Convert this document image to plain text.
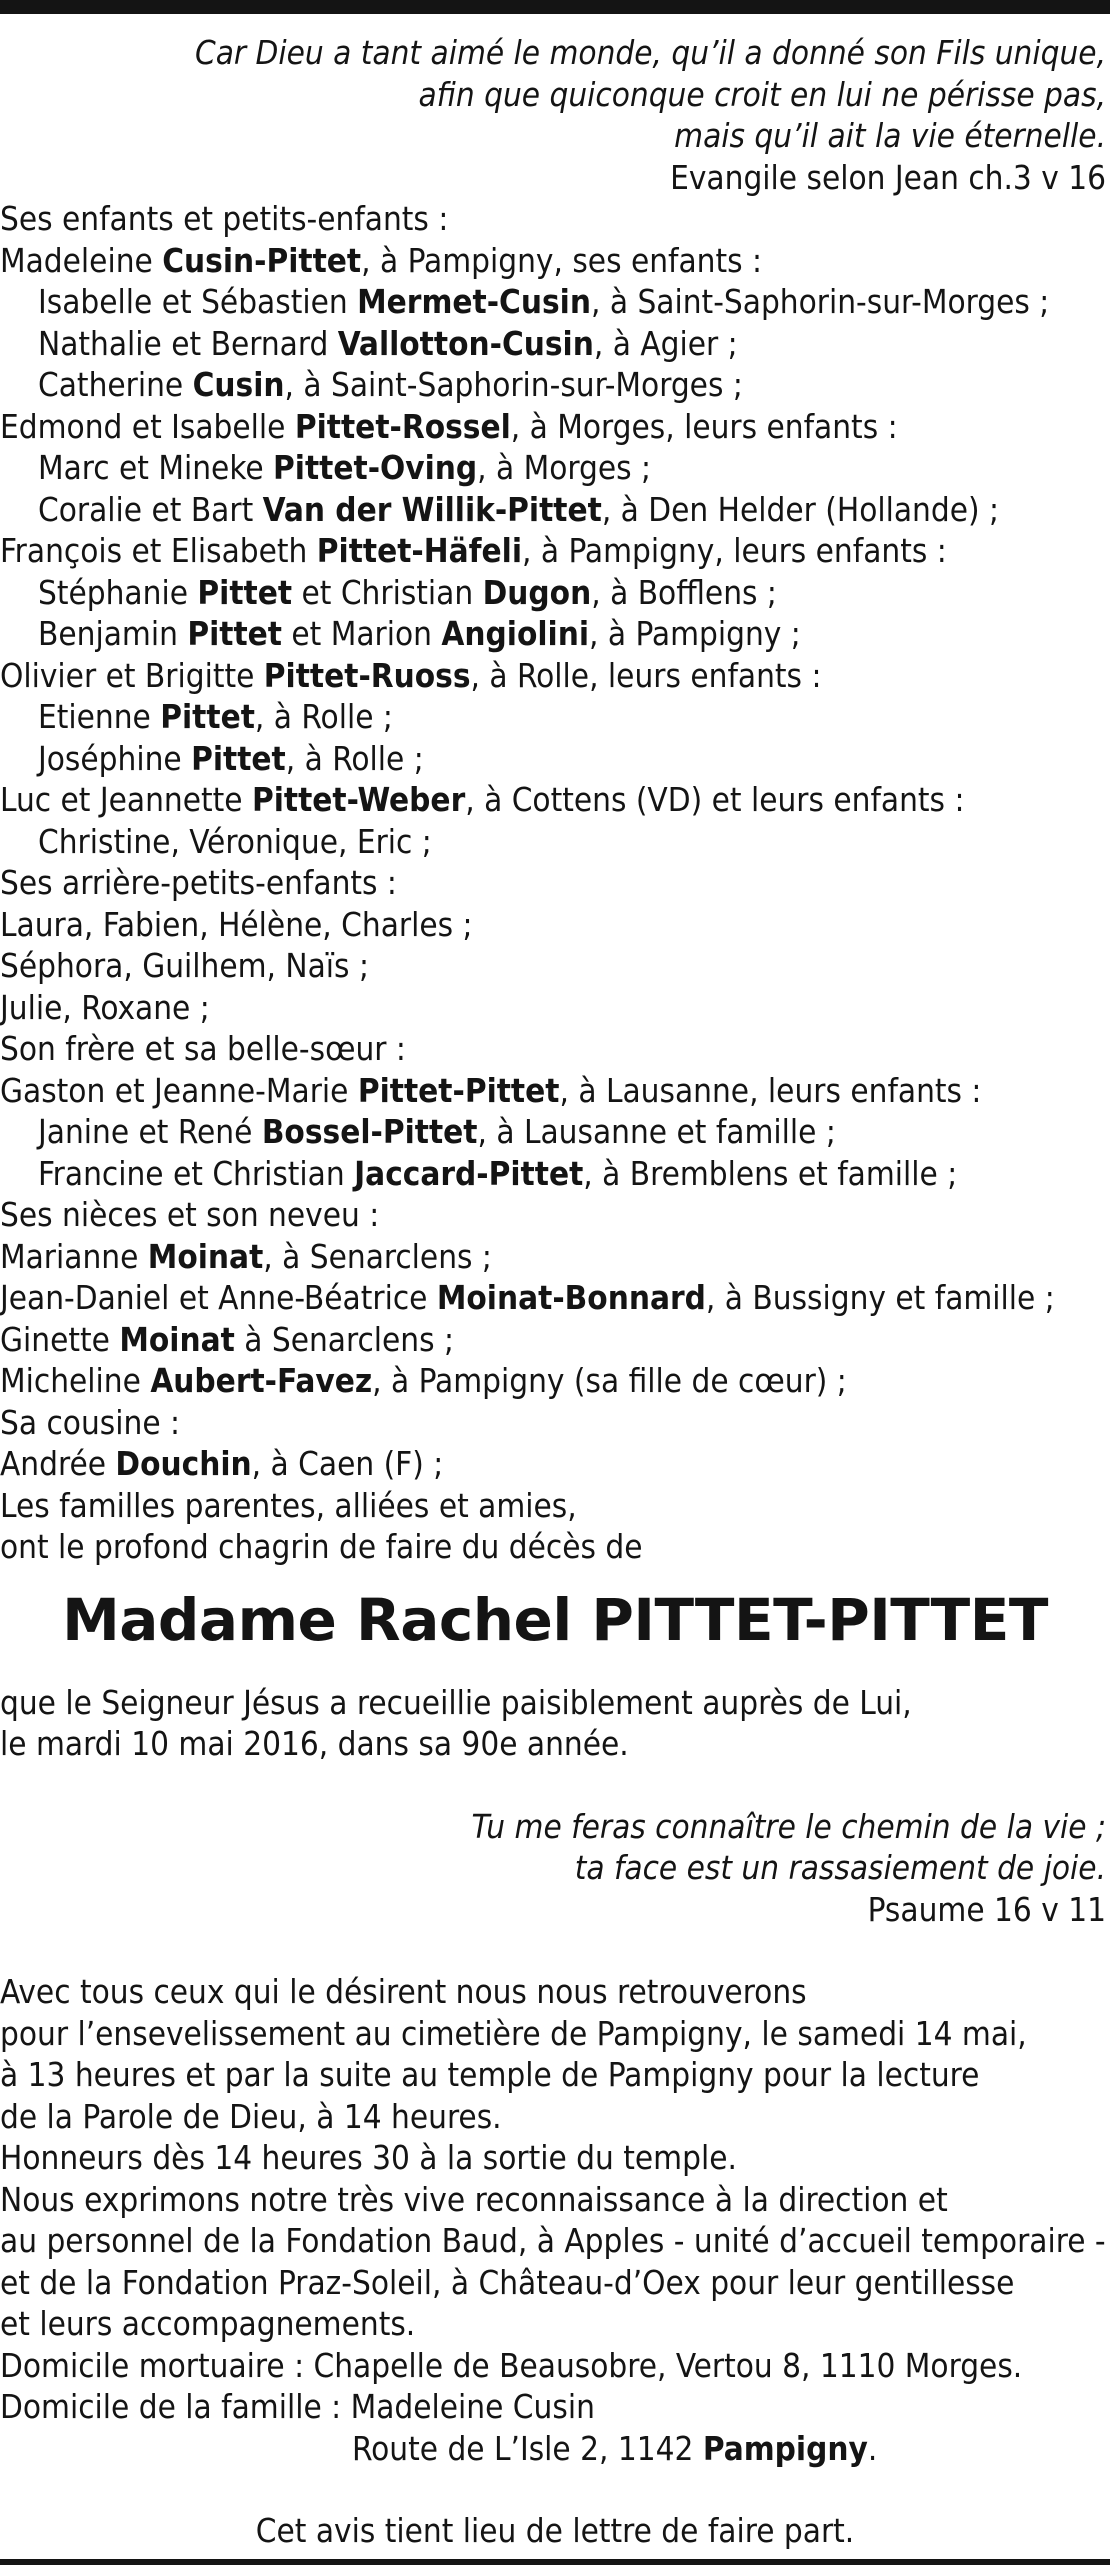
Car Dieu a tant aimé le monde, qu’il a donné son Fils unique,

afin que quiconque croit en lui ne périsse pas,

mais qu’il ait la vie éternelle.

Evangile selon Jean ch.3 v 16

Ses enfants et petits-enfants :

Madeleine Cusin-Pittet, à Pampigny, ses enfants :

Isabelle et Sébastien Mermet-Cusin, à Saint-Saphorin-sur-Morges ;

Nathalie et Bernard Vallotton-Cusin, à Agier ;

Catherine Cusin, à Saint-Saphorin-sur-Morges ;

Edmond et Isabelle Pittet-Rossel, à Morges, leurs enfants :

Marc et Mineke Pittet-Oving, à Morges ;

Coralie et Bart Van der Willik-Pittet, à Den Helder (Hollande) ;

François et Elisabeth Pittet-Häfeli, à Pampigny, leurs enfants :

Stéphanie Pittet et Christian Dugon, à Bofflens ;

Benjamin Pittet et Marion Angiolini, à Pampigny ;

Olivier et Brigitte Pittet-Ruoss, à Rolle, leurs enfants :

Etienne Pittet, à Rolle ;

Joséphine Pittet, à Rolle ;

Luc et Jeannette Pittet-Weber, à Cottens (VD) et leurs enfants :

Christine, Véronique, Eric ;

Ses arrière-petits-enfants :

Laura, Fabien, Hélène, Charles ;

Séphora, Guilhem, Naïs ;

Julie, Roxane ;

Son frère et sa belle-sœur :

Gaston et Jeanne-Marie Pittet-Pittet, à Lausanne, leurs enfants :

Janine et René Bossel-Pittet, à Lausanne et famille ;

Francine et Christian Jaccard-Pittet, à Bremblens et famille ;

Ses nièces et son neveu :

Marianne Moinat, à Senarclens ;

Jean-Daniel et Anne-Béatrice Moinat-Bonnard, à Bussigny et famille ;

Ginette Moinat à Senarclens ;

Micheline Aubert-Favez, à Pampigny (sa fille de cœur) ;

Sa cousine :

Andrée Douchin, à Caen (F) ;

Les familles parentes, alliées et amies,

ont le profond chagrin de faire du décès de

Madame Rachel PITTET-PITTET

que le Seigneur Jésus a recueillie paisiblement auprès de Lui,

le mardi 10 mai 2016, dans sa 90e année.

Tu me feras connaître le chemin de la vie ;

ta face est un rassasiement de joie.

Psaume 16 v 11

Avec tous ceux qui le désirent nous nous retrouverons

pour l’ensevelissement au cimetière de Pampigny, le samedi 14 mai,

à 13 heures et par la suite au temple de Pampigny pour la lecture

de la Parole de Dieu, à 14 heures.

Honneurs dès 14 heures 30 à la sortie du temple.

Nous exprimons notre très vive reconnaissance à la direction et

au personnel de la Fondation Baud, à Apples - unité d’accueil temporaire -

et de la Fondation Praz-Soleil, à Château-d’Oex pour leur gentillesse

et leurs accompagnements.

Domicile mortuaire : Chapelle de Beausobre, Vertou 8, 1110 Morges.

Domicile de la famille : Madeleine Cusin

Route de L’Isle 2, 1142 Pampigny.

Cet avis tient lieu de lettre de faire part.
